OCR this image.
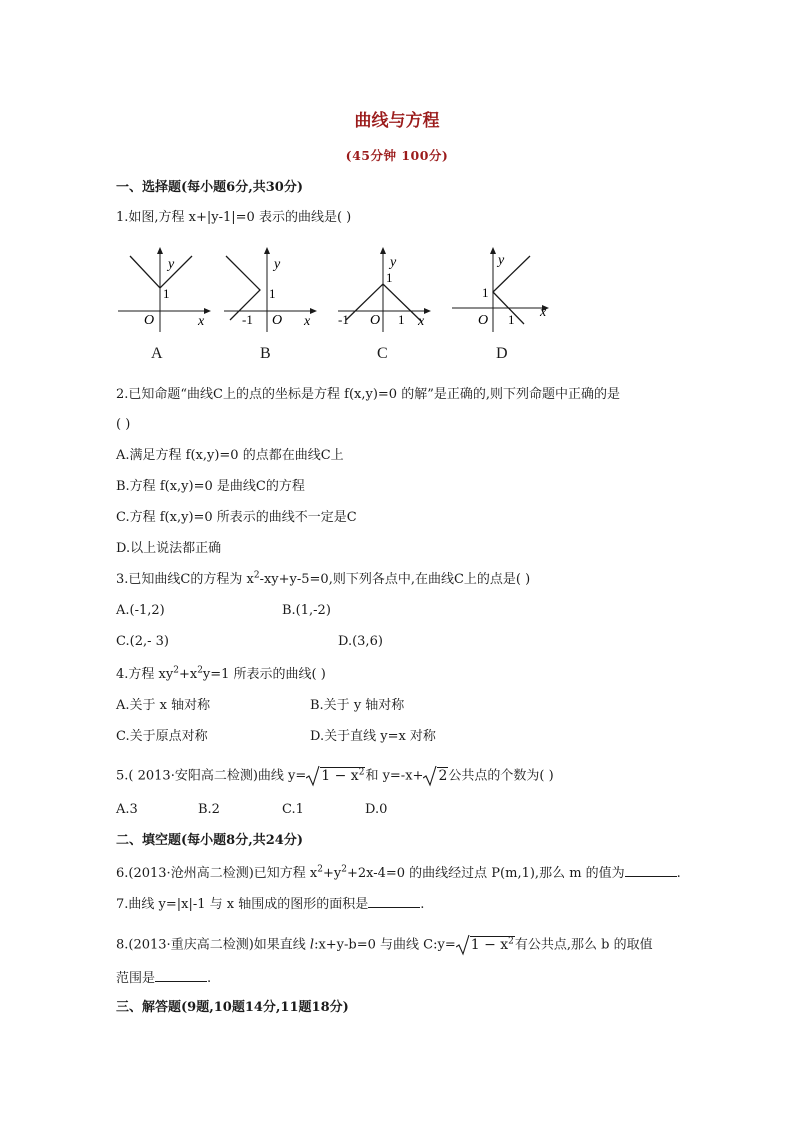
曲线与方程
(45分钟 100分)
一、选择题(每小题6分,共30分)
1.如图,方程 x+|y-1|=0 表示的曲线是( )
y
x
1
O
y
x
1
O
-1
y
x
1
O
-1	1
y
x
1
O 1
A	B	C	D
2.已知命题“曲线C上的点的坐标是方程 f(x,y)=0 的解”是正确的,则下列命题中正确的是
( )
A.满足方程 f(x,y)=0 的点都在曲线C上
B.方程 f(x,y)=0 是曲线C的方程
C.方程 f(x,y)=0 所表示的曲线不一定是C
D.以上说法都正确
3.已知曲线C的方程为 $x^2-xy+y-5=0$,则下列各点中,在曲线C上的点是( )
A.(-1,2)	B.(1,-2)
C.(2,- 3)	D.(3,6)
4.方程 $xy^2+x^2y=1$ 所表示的曲线( )
A.关于 x 轴对称	B.关于 y 轴对称
C.关于原点对称	D.关于直线 y=x 对称
5.( 2013·安阳高二检测)曲线 $y= 1 - x^2$和 y=-x+ 2公共点的个数为( )
A.3	B.2	C.1	D.0
二、填空题(每小题8分,共24分)
6.(2013·沧州高二检测)已知方程 $x^2+y^2+2x-4=0$ 的曲线经过点 P(m,1),那么 m 的值为	.
7.曲线 y=|x|-1 与 x 轴围成的图形的面积是	.
8.(2013·重庆高二检测)如果直线 l:x+y-b=0 与曲线 C:y= $1 - x^2$有公共点,那么 b 的取值
范围是	.
三、解答题(9题,10题14分,11题18分)
